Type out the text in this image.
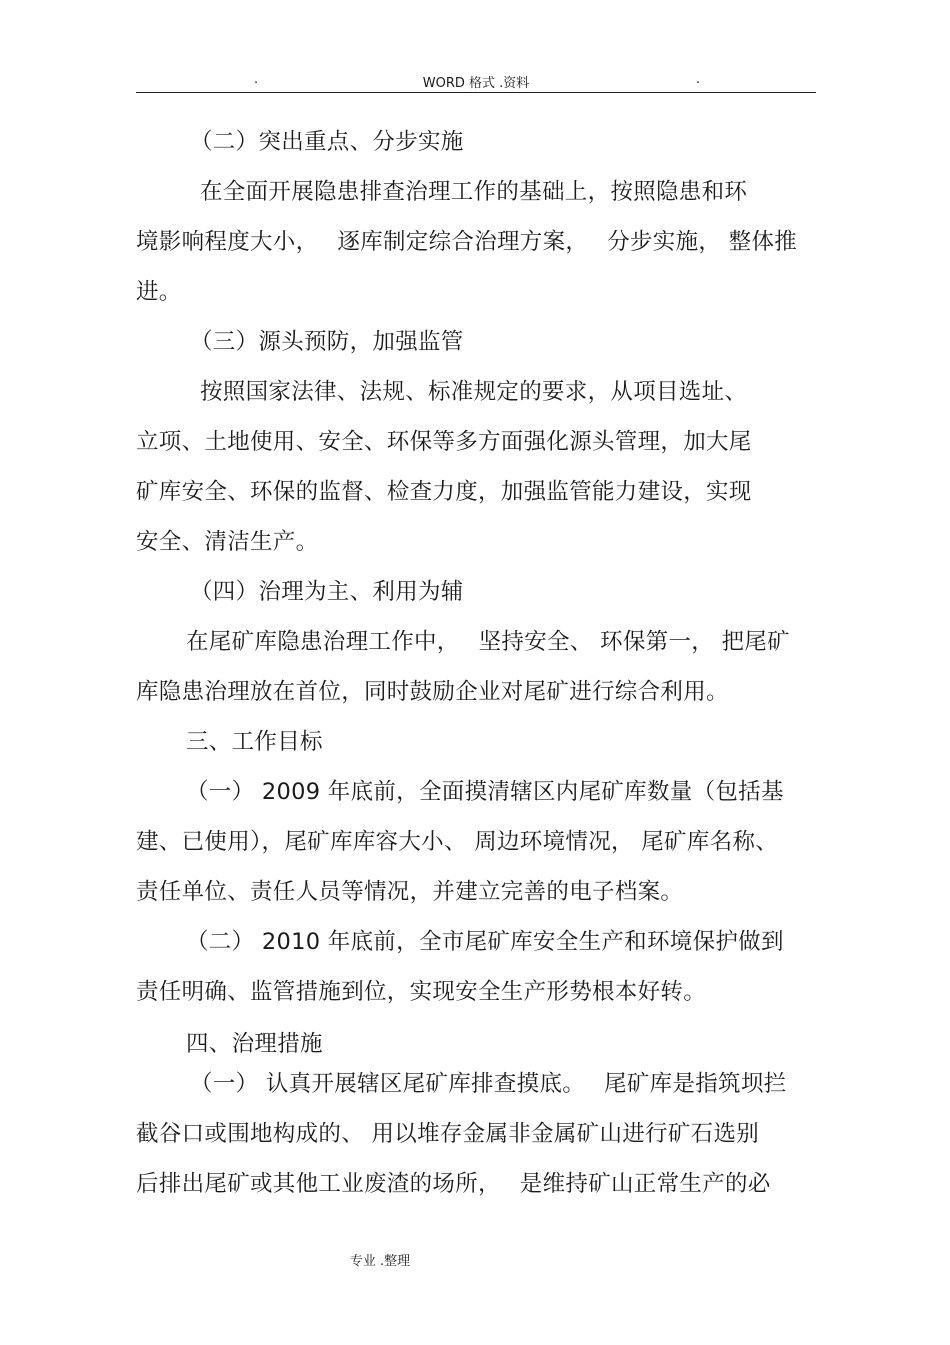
.	WORD 格式 .资料	.
（二）突出重点、分步实施
在全面开展隐患排查治理工作的基础上，按照隐患和环
境影响程度大小，　 逐库制定综合治理方案，　 分步实施， 整体推
进。
（三）源头预防，加强监管
按照国家法律、法规、标准规定的要求，从项目选址、
立项、土地使用、安全、环保等多方面强化源头管理，加大尾
矿库安全、环保的监督、检查力度，加强监管能力建设，实现
安全、清洁生产。
（四）治理为主、利用为辅
在尾矿库隐患治理工作中，　 坚持安全、 环保第一， 把尾矿
库隐患治理放在首位，同时鼓励企业对尾矿进行综合利用。
三、工作目标
（一） 2009 年底前，全面摸清辖区内尾矿库数量（包括基
建、已使用），尾矿库库容大小、 周边环境情况， 尾矿库名称、
责任单位、责任人员等情况，并建立完善的电子档案。
（二） 2010 年底前，全市尾矿库安全生产和环境保护做到
责任明确、监管措施到位，实现安全生产形势根本好转。
四、治理措施
（一） 认真开展辖区尾矿库排查摸底。　 尾矿库是指筑坝拦
截谷口或围地构成的、 用以堆存金属非金属矿山进行矿石选别
后排出尾矿或其他工业废渣的场所，　 是维持矿山正常生产的必
专业 .整理
